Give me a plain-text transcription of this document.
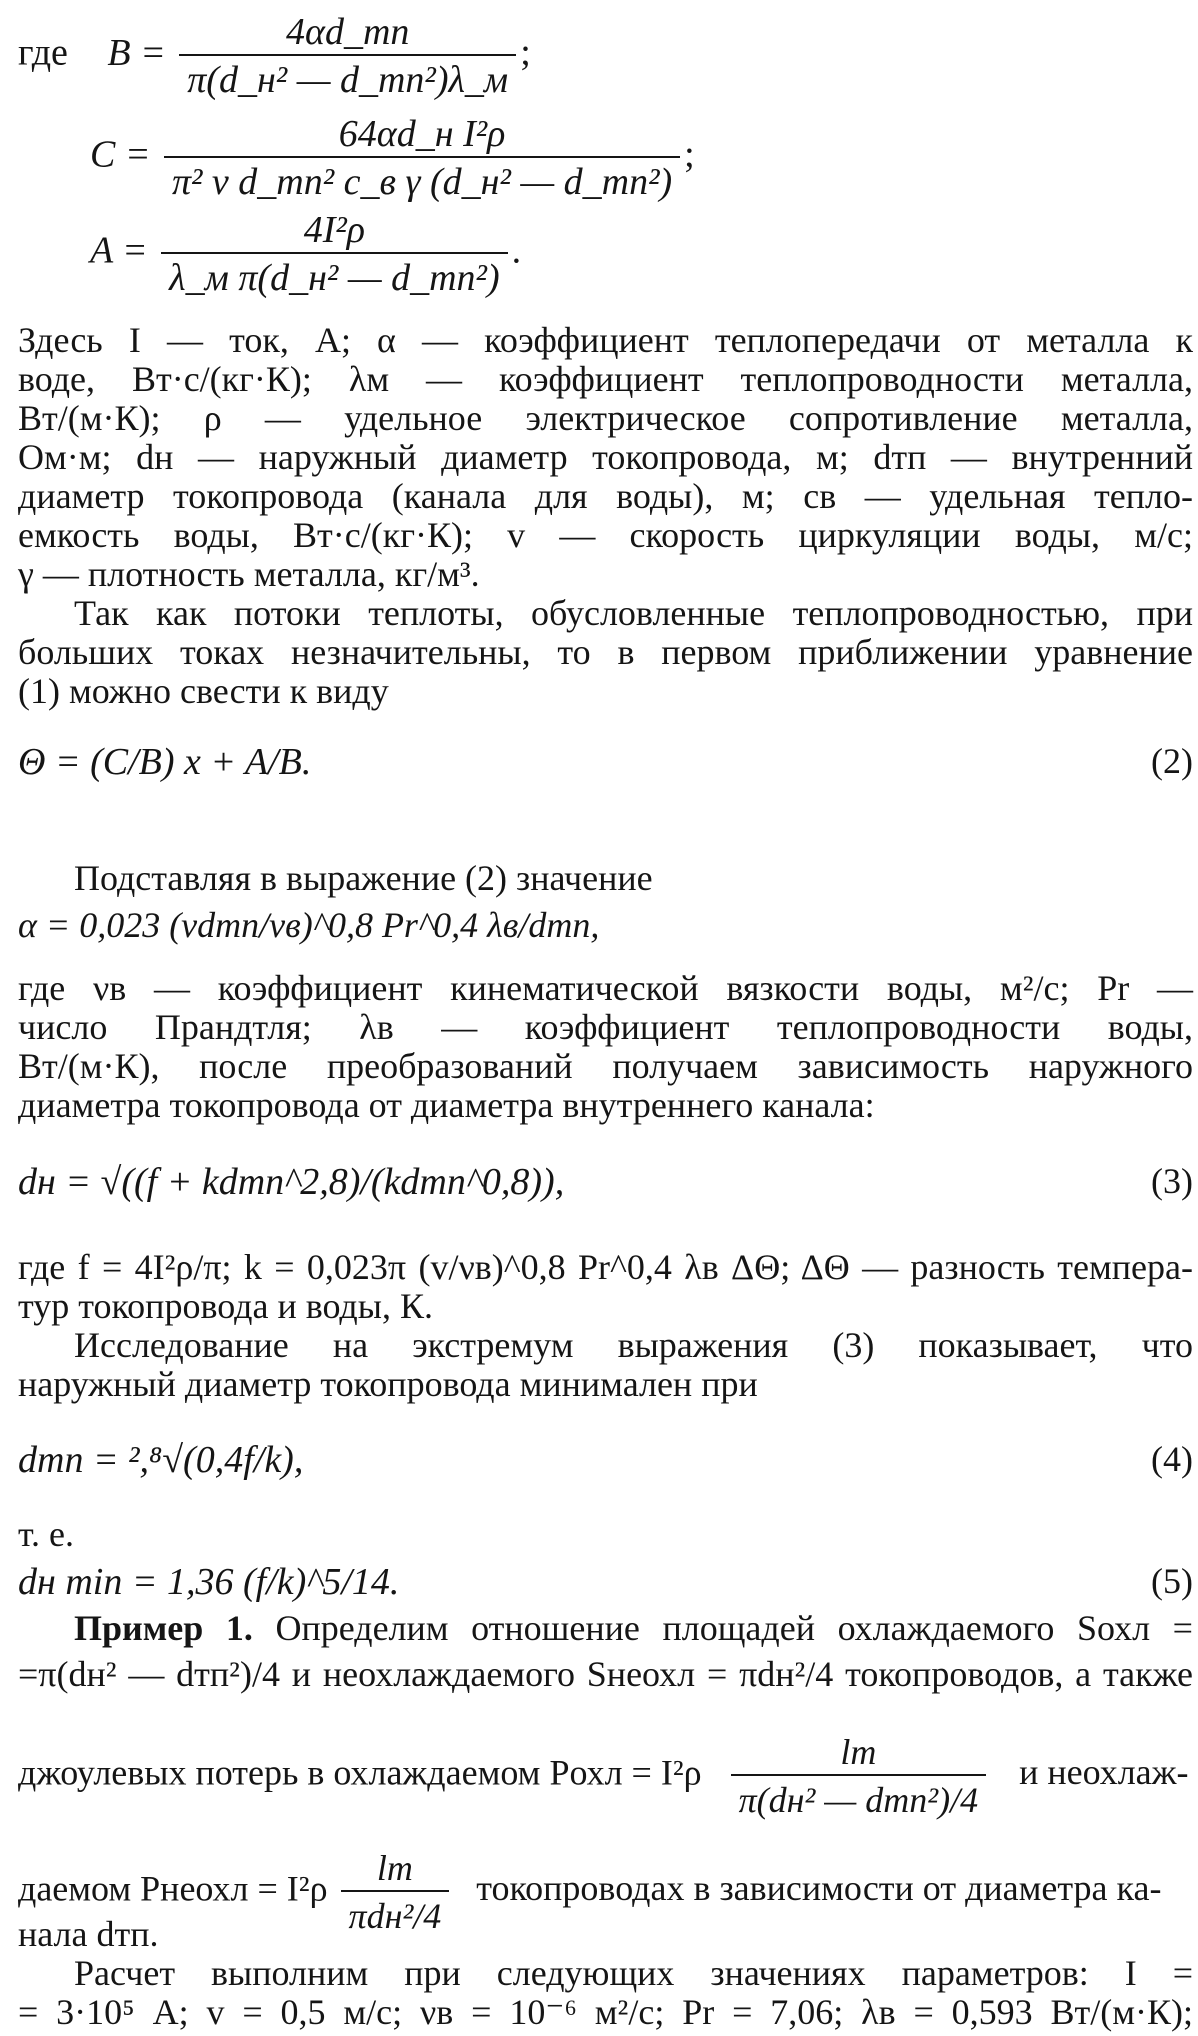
где $B = \frac{4\alpha d\_тп}{\text{π(d\_н² — d\_тп²)λ\_м}}$ ;
$C = \frac{\text{64αd\_н I²ρ}}{\text{π² v d\_тп² c\_в γ (d\_н² — d\_тп²)}}$ ;
$A = \frac{\text{4I²ρ}}{\text{λ\_м π(d\_н² — d\_тп²)}}$ .
Здесь I — ток, А; α — коэффициент теплопередачи от металла к
воде, Вт·с/(кг·К); λм — коэффициент теплопроводности металла,
Вт/(м·К); ρ — удельное электрическое сопротивление металла,
Ом·м; dн — наружный диаметр токопровода, м; dтп — внутренний
диаметр токопровода (канала для воды), м; cв — удельная тепло-
емкость воды, Вт·с/(кг·К); v — скорость циркуляции воды, м/с;
γ — плотность металла, кг/м³.
Так как потоки теплоты, обусловленные теплопроводностью, при
больших токах незначительны, то в первом приближении уравнение
(1) можно свести к виду
Θ = (C/B) x + A/B.	(2)
Подставляя в выражение (2) значение
α = 0,023 (vdтп/νв)^0,8 Pr^0,4 λв/dтп,
где νв — коэффициент кинематической вязкости воды, м²/с; Pr —
число Прандтля; λв — коэффициент теплопроводности воды,
Вт/(м·К), после преобразований получаем зависимость наружного
диаметра токопровода от диаметра внутреннего канала:
dн = √((f + kdтп^2,8)/(kdтп^0,8)),	(3)
где f = 4I²ρ/π; k = 0,023π (v/νв)^0,8 Pr^0,4 λв ΔΘ; ΔΘ — разность темпера-
тур токопровода и воды, К.
Исследование на экстремум выражения (3) показывает, что
наружный диаметр токопровода минимален при
dтп = ²,⁸√(0,4f/k),	(4)
т. е.
dн min = 1,36 (f/k)^5/14.	(5)
Пример 1. Определим отношение площадей охлаждаемого Sохл =
=π(dн² — dтп²)/4 и неохлаждаемого Sнеохл = πdн²/4 токопроводов, а также
джоулевых потерь в охлаждаемом Pохл = $I^2\rho \frac{lт}{\text{π(dн² — dтп²)/4}}$ и неохлаж-
даемом Pнеохл = $I^2\rho \frac{lт}{\text{πdн²/4}}$ токопроводах в зависимости от диаметра ка-
нала dтп.
Расчет выполним при следующих значениях параметров: I =
= 3·10⁵ А; v = 0,5 м/с; νв = 10⁻⁶ м²/с; Pr = 7,06; λв = 0,593 Вт/(м·К);
